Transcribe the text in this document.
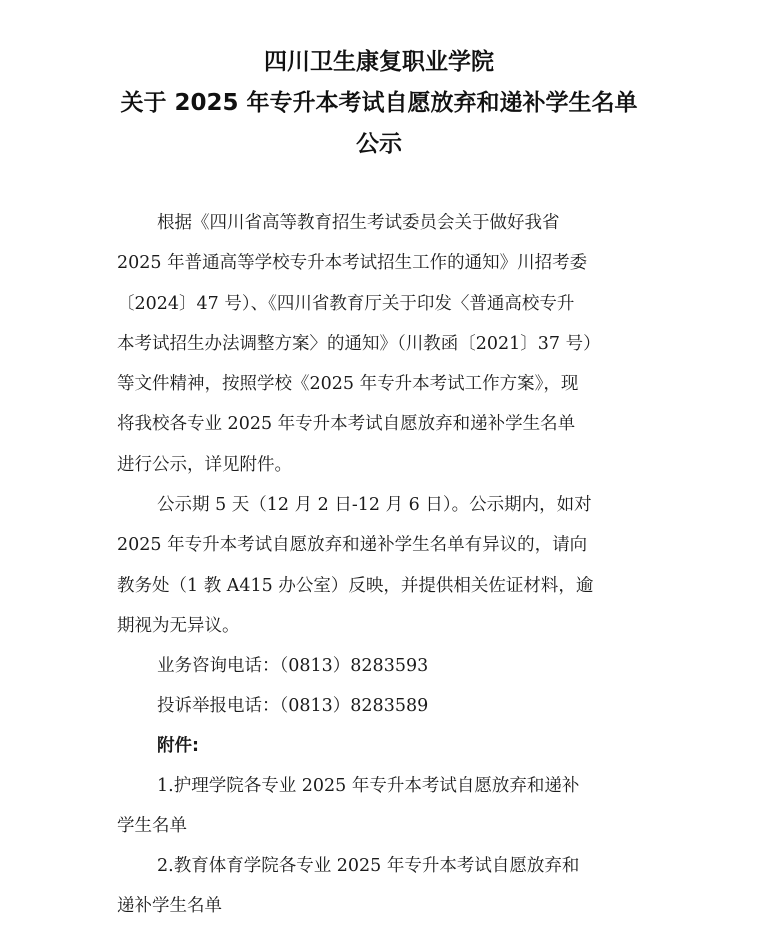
四川卫生康复职业学院
关于 2025 年专升本考试自愿放弃和递补学生名单
公示
根据《四川省高等教育招生考试委员会关于做好我省
2025 年普通高等学校专升本考试招生工作的通知》川招考委
〔2024〕47 号）、《四川省教育厅关于印发〈普通高校专升
本考试招生办法调整方案〉的通知》（川教函〔2021〕37 号）
等文件精神，按照学校《2025 年专升本考试工作方案》，现
将我校各专业 2025 年专升本考试自愿放弃和递补学生名单
进行公示，详见附件。
公示期 5 天（12 月 2 日-12 月 6 日）。公示期内，如对
2025 年专升本考试自愿放弃和递补学生名单有异议的，请向
教务处（1 教 A415 办公室）反映，并提供相关佐证材料，逾
期视为无异议。
业务咨询电话：（0813）8283593
投诉举报电话：（0813）8283589
附件:
1.护理学院各专业 2025 年专升本考试自愿放弃和递补
学生名单
2.教育体育学院各专业 2025 年专升本考试自愿放弃和
递补学生名单
